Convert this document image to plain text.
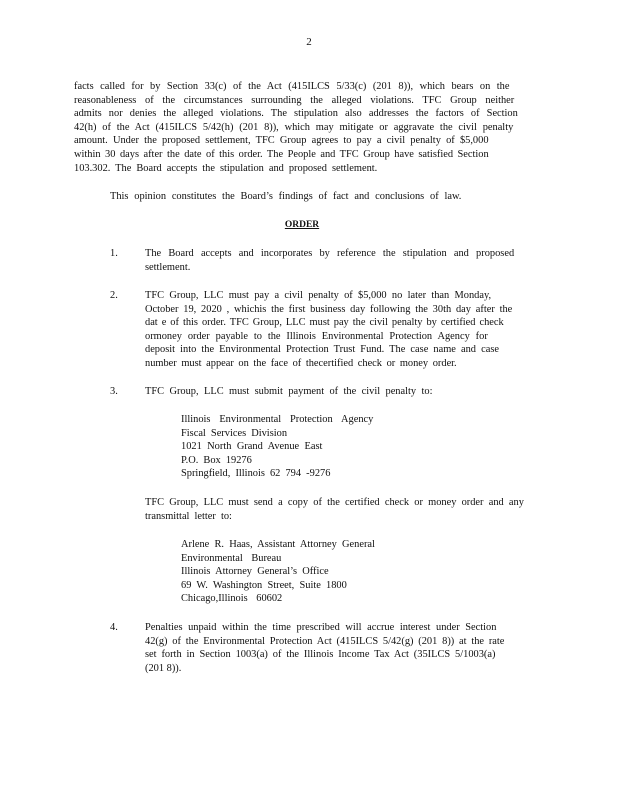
2
facts called for by Section 33(c) of the Act (415ILCS 5/33(c) (201 8)), which bears on the
reasonableness of the circumstances surrounding the alleged violations. TFC Group neither
admits nor denies the alleged violations. The stipulation also addresses the factors of Section
42(h) of the Act (415ILCS 5/42(h) (201 8)), which may mitigate or aggravate the civil penalty
amount. Under the proposed settlement, TFC Group agrees to pay a civil penalty of $5,000
within 30 days after the date of this order. The People and TFC Group have satisfied Section
103.302. The Board accepts the stipulation and proposed settlement.
This opinion constitutes the Board’s findings of fact and conclusions of law.
ORDER
1.	The Board accepts and incorporates by reference the stipulation and proposed
settlement.
2.	TFC Group, LLC must pay a civil penalty of $5,000 no later than Monday,
October 19, 2020 , whichis the first business day following the 30th day after the
dat e of this order. TFC Group, LLC must pay the civil penalty by certified check
ormoney order payable to the Illinois Environmental Protection Agency for
deposit into the Environmental Protection Trust Fund. The case name and case
number must appear on the face of thecertified check or money order.
3.	TFC Group, LLC must submit payment of the civil penalty to:
Illinois Environmental Protection Agency
Fiscal Services Division
1021 North Grand Avenue East
P.O. Box 19276
Springfield, Illinois 62 794 -9276
TFC Group, LLC must send a copy of the certified check or money order and any
transmittal letter to:
Arlene R. Haas, Assistant Attorney General
Environmental Bureau
Illinois Attorney General’s Office
69 W. Washington Street, Suite 1800
Chicago,Illinois 60602
4.	Penalties unpaid within the time prescribed will accrue interest under Section
42(g) of the Environmental Protection Act (415ILCS 5/42(g) (201 8)) at the rate
set forth in Section 1003(a) of the Illinois Income Tax Act (35ILCS 5/1003(a)
(201 8)).
